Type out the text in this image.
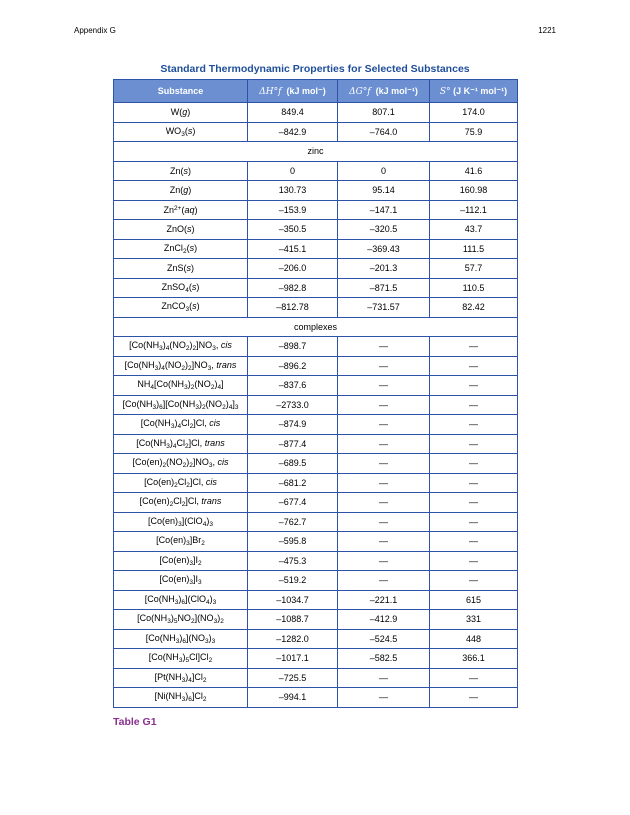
Appendix G	1221
Standard Thermodynamic Properties for Selected Substances
Substance	ΔH°f (kJ mol⁻)	ΔG°f (kJ mol⁻¹)	S° (J K⁻¹ mol⁻¹)
W(g)	849.4	807.1	174.0
$WO_3(s)$	–842.9	–764.0	75.9
zinc			
Zn(s)	0	0	41.6
Zn(g)	130.73	95.14	160.98
$Zn^{2+}(aq)$	–153.9	–147.1	–112.1
ZnO(s)	–350.5	–320.5	43.7
ZnCl$_2$(s)	–415.1	–369.43	111.5
ZnS(s)	–206.0	–201.3	57.7
ZnSO$_4$(s)	–982.8	–871.5	110.5
ZnCO$_3$(s)	–812.78	–731.57	82.42
complexes			
$[Co(NH_3)_4(NO_2)_2]NO_3$, cis	–898.7	—	—
$[Co(NH_3)_4(NO_2)_2]NO_3$, trans	–896.2	—	—
$NH_4[Co(NH_3)_2(NO_2)_4]$	–837.6	—	—
$[Co(NH_3)_6][Co(NH_3)_2(NO_2)_4]_3$	–2733.0	—	—
$[Co(NH_3)_4Cl_2]Cl$, cis	–874.9	—	—
$[Co(NH_3)_4Cl_2]Cl$, trans	–877.4	—	—
$[Co(en)_2(NO_2)_2]NO_3$, cis	–689.5	—	—
$[Co(en)_2Cl_2]Cl$, cis	–681.2	—	—
$[Co(en)_2Cl_2]Cl$, trans	–677.4	—	—
$[Co(en)_3](ClO_4)_3$	–762.7	—	—
$[Co(en)_3]Br_2$	–595.8	—	—
$[Co(en)_3]I_2$	–475.3	—	—
$[Co(en)_3]I_3$	–519.2	—	—
$[Co(NH_3)_6](ClO_4)_3$	–1034.7	–221.1	615
$[Co(NH_3)_5NO_2](NO_3)_2$	–1088.7	–412.9	331
$[Co(NH_3)_6](NO_3)_3$	–1282.0	–524.5	448
$[Co(NH_3)_5Cl]Cl_2$	–1017.1	–582.5	366.1
$[Pt(NH_3)_4]Cl_2$	–725.5	—	—
$[Ni(NH_3)_6]Cl_2$	–994.1	—	—
Table G1
